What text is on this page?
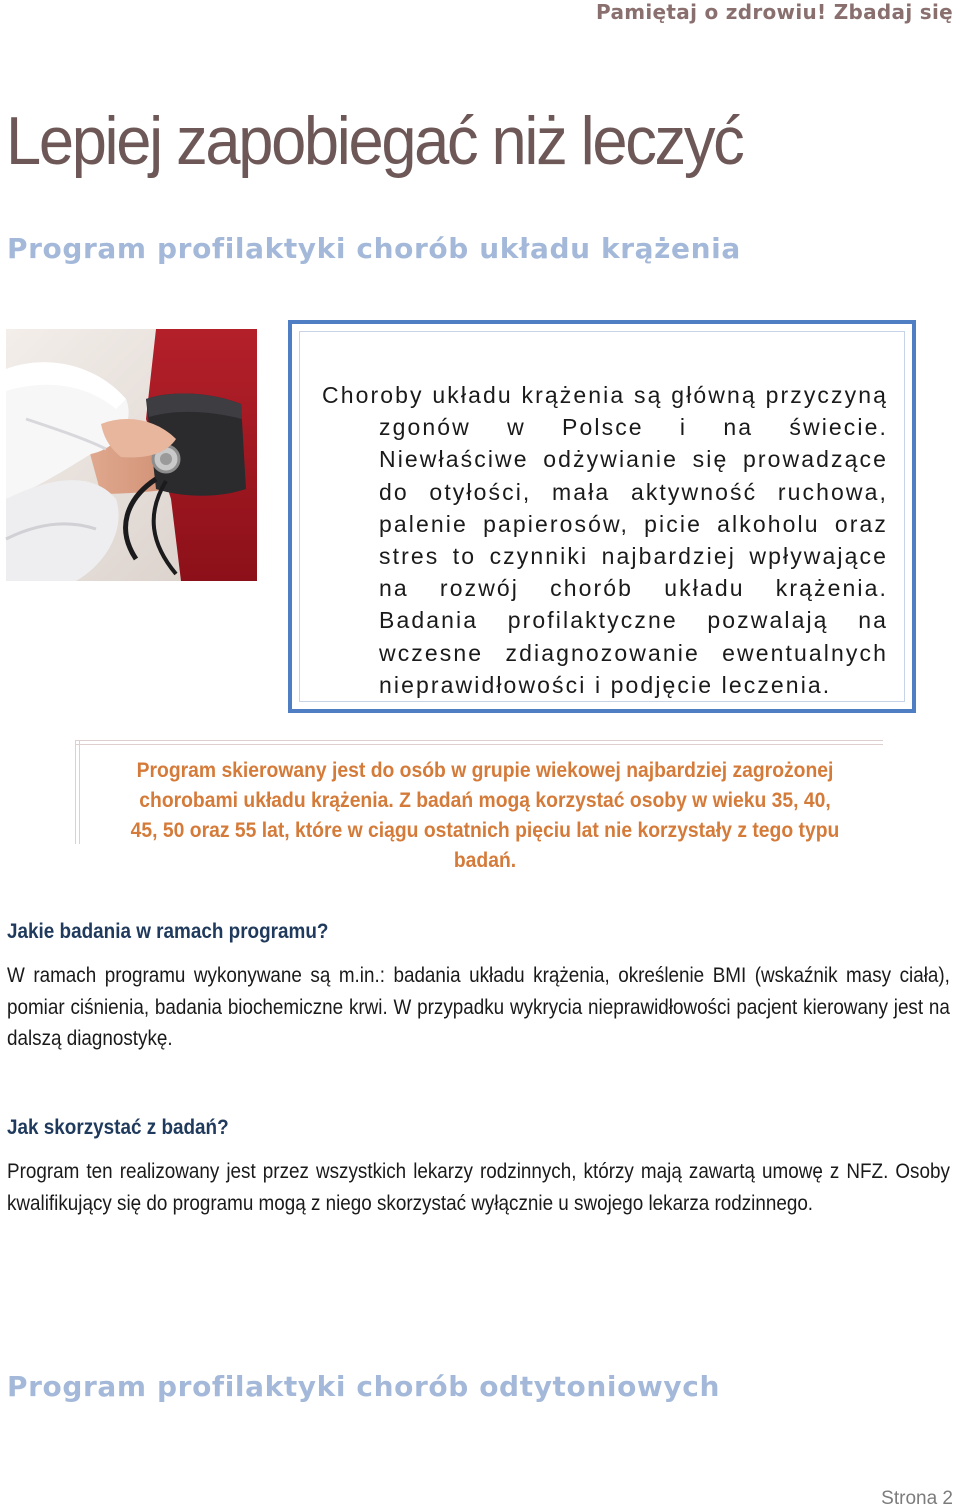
Pamiętaj o zdrowiu! Zbadaj się
Lepiej zapobiegać niż leczyć
Program profilaktyki chorób układu krążenia
Choroby układu krążenia są główną przyczyną zgonów w Polsce i na świecie. Niewłaściwe odżywianie się prowadzące do otyłości, mała aktywność ruchowa, palenie papierosów, picie alkoholu oraz stres to czynniki najbardziej wpływające na rozwój chorób układu krążenia. Badania profilaktyczne pozwalają na wczesne zdiagnozowanie ewentualnych nieprawidłowości i podjęcie leczenia.
Program skierowany jest do osób w grupie wiekowej najbardziej zagrożonej chorobami układu krążenia. Z badań mogą korzystać osoby w wieku 35, 40, 45, 50 oraz 55 lat, które w ciągu ostatnich pięciu lat nie korzystały z tego typu badań.
Jakie badania w ramach programu?
W ramach programu wykonywane są m.in.: badania układu krążenia, określenie BMI (wskaźnik masy ciała), pomiar ciśnienia, badania biochemiczne krwi. W przypadku wykrycia nieprawidłowości pacjent kierowany jest na dalszą diagnostykę.
Jak skorzystać z badań?
Program ten realizowany jest przez wszystkich lekarzy rodzinnych, którzy mają zawartą umowę z NFZ. Osoby kwalifikujący się do programu mogą z niego skorzystać wyłącznie u swojego lekarza rodzinnego.
Program profilaktyki chorób odtytoniowych
Strona 2
